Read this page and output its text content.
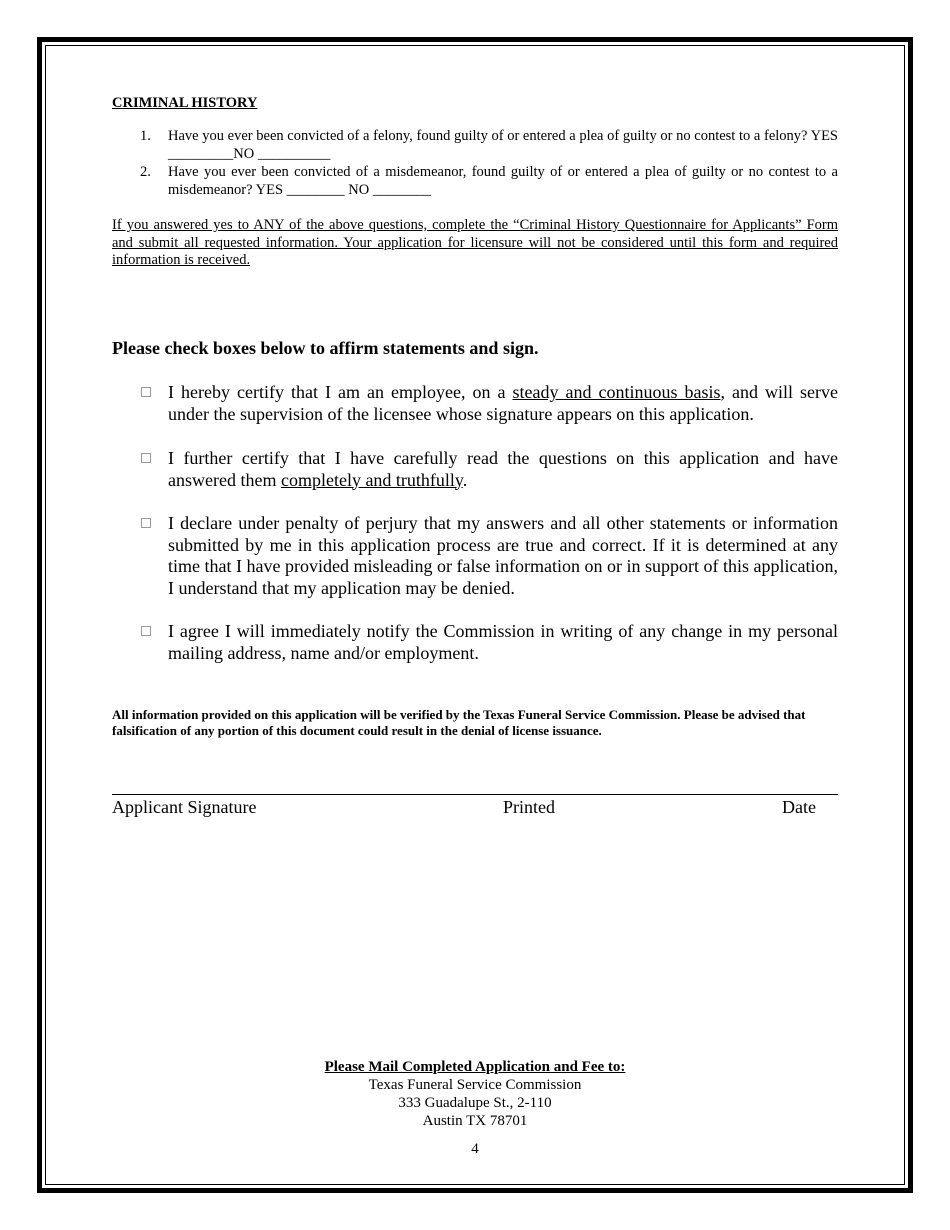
CRIMINAL HISTORY
1. Have you ever been convicted of a felony, found guilty of or entered a plea of guilty or no contest to a felony? YES _________NO __________
2. Have you ever been convicted of a misdemeanor, found guilty of or entered a plea of guilty or no contest to a misdemeanor? YES ________ NO ________
If you answered yes to ANY of the above questions, complete the “Criminal History Questionnaire for Applicants” Form and submit all requested information. Your application for licensure will not be considered until this form and required information is received.
Please check boxes below to affirm statements and sign.
I hereby certify that I am an employee, on a steady and continuous basis, and will serve under the supervision of the licensee whose signature appears on this application.
I further certify that I have carefully read the questions on this application and have answered them completely and truthfully.
I declare under penalty of perjury that my answers and all other statements or information submitted by me in this application process are true and correct. If it is determined at any time that I have provided misleading or false information on or in support of this application, I understand that my application may be denied.
I agree I will immediately notify the Commission in writing of any change in my personal mailing address, name and/or employment.
All information provided on this application will be verified by the Texas Funeral Service Commission. Please be advised that falsification of any portion of this document could result in the denial of license issuance.
Applicant Signature	Printed	Date
Please Mail Completed Application and Fee to:
Texas Funeral Service Commission
333 Guadalupe St., 2-110
Austin TX 78701
4
